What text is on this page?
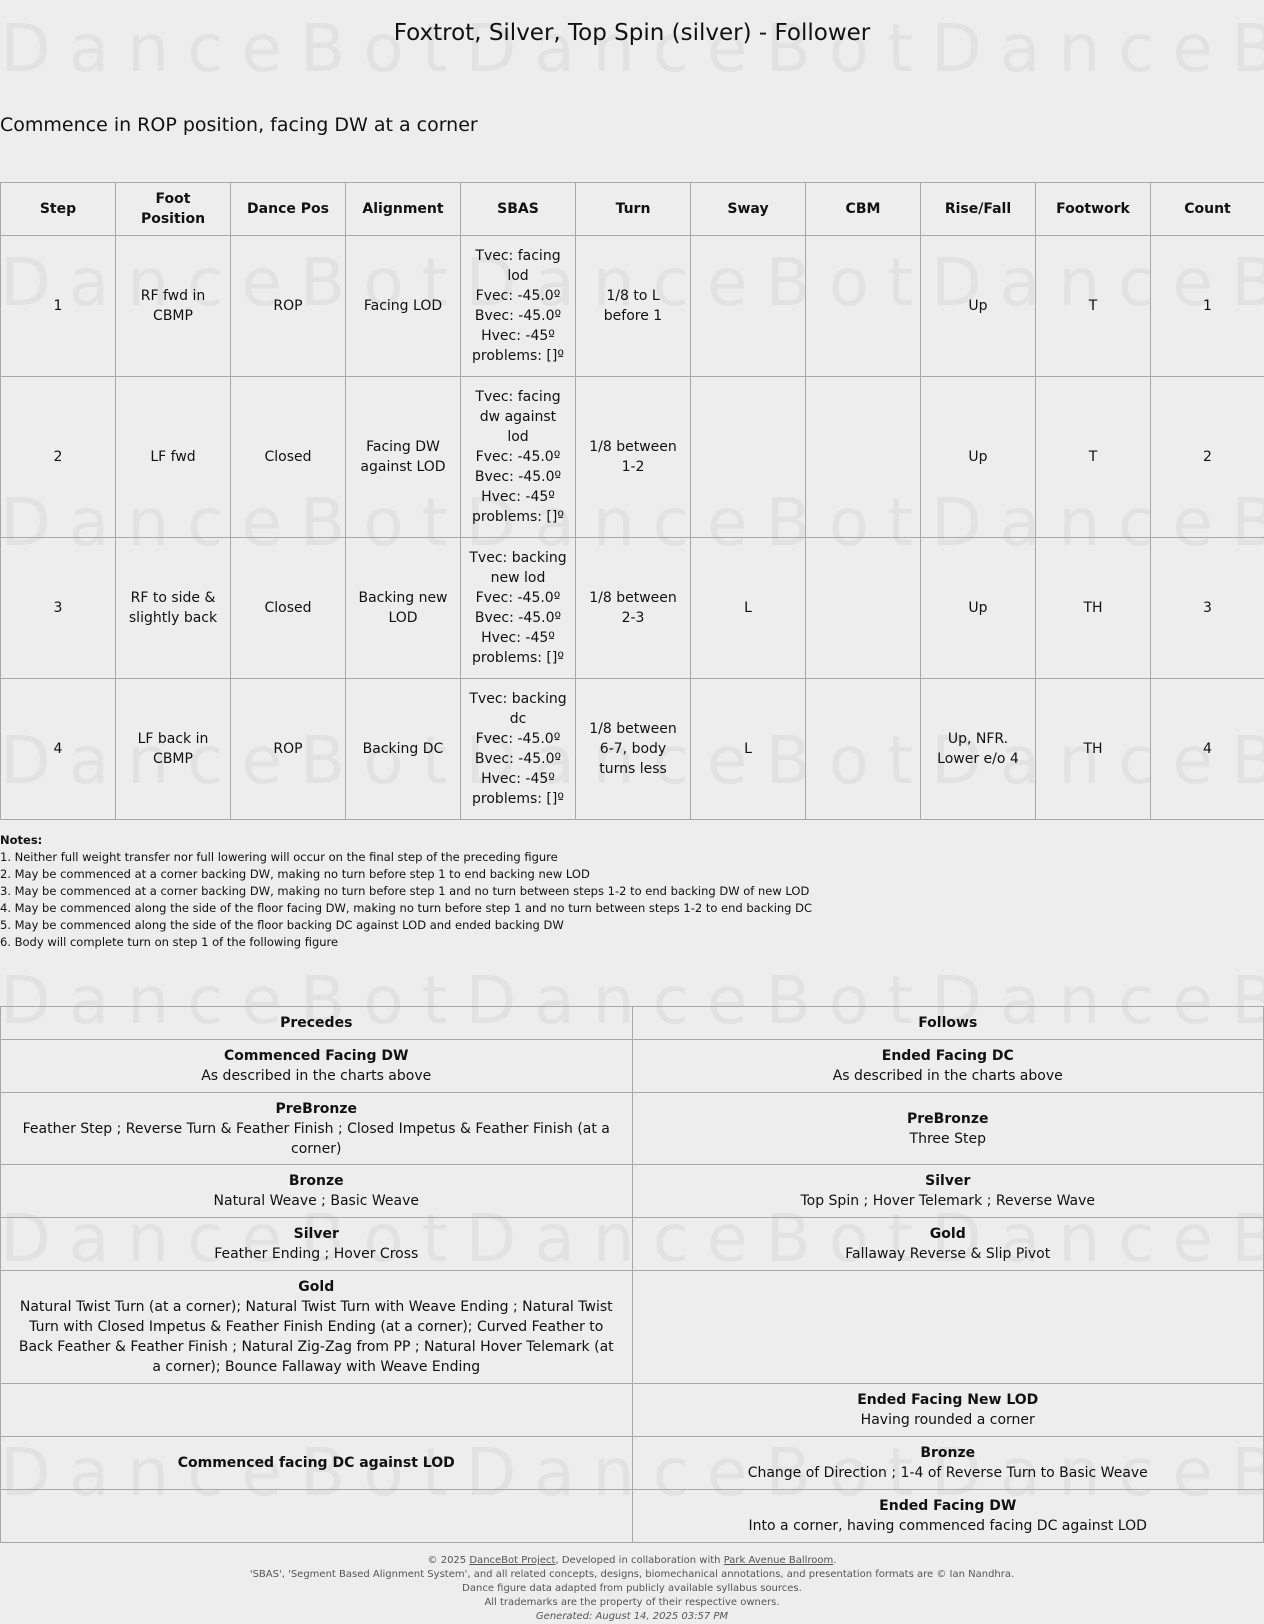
Foxtrot, Silver, Top Spin (silver) - Follower
Commence in ROP position, facing DW at a corner
Step	Foot Position	Dance Pos	Alignment	SBAS	Turn	Sway	CBM	Rise/Fall	Footwork	Count
1	RF fwd in CBMP	ROP	Facing LOD	Tvec: facing lod
Fvec: -45.0º
Bvec: -45.0º
Hvec: -45º
problems: []º	1/8 to L before 1			Up	T	1
2	LF fwd	Closed	Facing DW against LOD	Tvec: facing dw against lod
Fvec: -45.0º
Bvec: -45.0º
Hvec: -45º
problems: []º	1/8 between 1-2			Up	T	2
3	RF to side & slightly back	Closed	Backing new LOD	Tvec: backing new lod
Fvec: -45.0º
Bvec: -45.0º
Hvec: -45º
problems: []º	1/8 between 2-3	L		Up	TH	3
4	LF back in CBMP	ROP	Backing DC	Tvec: backing dc
Fvec: -45.0º
Bvec: -45.0º
Hvec: -45º
problems: []º	1/8 between 6-7, body turns less	L		Up, NFR. Lower e/o 4	TH	4
Notes:
1. Neither full weight transfer nor full lowering will occur on the final step of the preceding figure
2. May be commenced at a corner backing DW, making no turn before step 1 to end backing new LOD
3. May be commenced at a corner backing DW, making no turn before step 1 and no turn between steps 1-2 to end backing DW of new LOD
4. May be commenced along the side of the floor facing DW, making no turn before step 1 and no turn between steps 1-2 to end backing DC
5. May be commenced along the side of the floor backing DC against LOD and ended backing DW
6. Body will complete turn on step 1 of the following figure
Precedes	Follows

Commenced Facing DW
As described in the charts above	Ended Facing DC
As described in the charts above

PreBronze
Feather Step ; Reverse Turn & Feather Finish ; Closed Impetus & Feather Finish (at a corner)	PreBronze
Three Step

Bronze
Natural Weave ; Basic Weave	Silver
Top Spin ; Hover Telemark ; Reverse Wave

Silver
Feather Ending ; Hover Cross	Gold
Fallaway Reverse & Slip Pivot

Gold
Natural Twist Turn (at a corner); Natural Twist Turn with Weave Ending ; Natural Twist Turn with Closed Impetus & Feather Finish Ending (at a corner); Curved Feather to Back Feather & Feather Finish ; Natural Zig-Zag from PP ; Natural Hover Telemark (at a corner); Bounce Fallaway with Weave Ending	

	Ended Facing New LOD
Having rounded a corner

Commenced facing DC against LOD	Bronze
Change of Direction ; 1-4 of Reverse Turn to Basic Weave

	Ended Facing DW
Into a corner, having commenced facing DC against LOD
© 2025 DanceBot Project, Developed in collaboration with Park Avenue Ballroom.
'SBAS', 'Segment Based Alignment System', and all related concepts, designs, biomechanical annotations, and presentation formats are © Ian Nandhra.
Dance figure data adapted from publicly available syllabus sources.
All trademarks are the property of their respective owners.
Generated: August 14, 2025 03:57 PM
